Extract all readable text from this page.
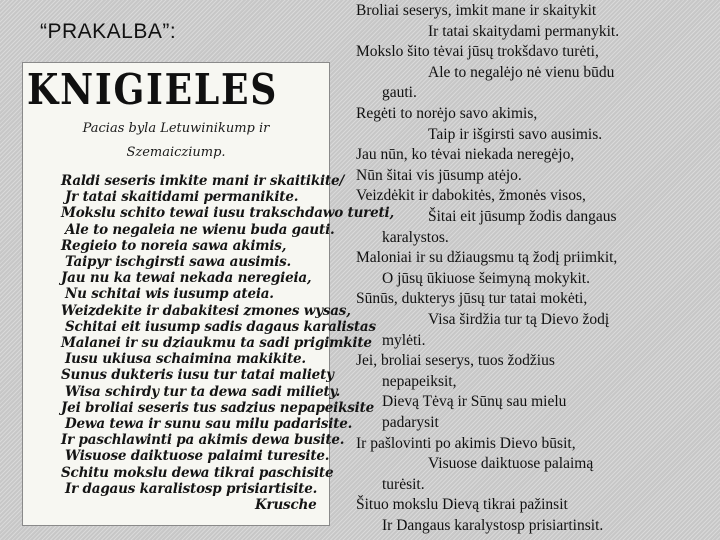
“PRAKALBA”:
KNIGIELES
Pacias byla Letuwinikump ir
Szemaicziump.
Raldi seseris imkite mani ir skaitikite/
Jr tatai skaitidami permanikite.
Mokslu schito tewai iusu trakschdawo tureti,
Ale to negaleia ne wienu buda gauti.
Regieio to noreia sawa akimis,
Taipyr ischgirsti sawa ausimis.
Jau nu ka tewai nekada neregieia,
Nu schitai wis iusump ateia.
Weizdekite ir dabakitesi zmones wysas,
Schitai eit iusump sadis dagaus karalistas
Malanei ir su dziaukmu ta sadi prigimkite
Iusu ukiusa schaimina makikite.
Sunus dukteris iusu tur tatai maliety
Wisa schirdy tur ta dewa sadi miliety.
Jei broliai seseris tus sadzius nepapeiksite
Dewa tewa ir sunu sau milu padarisite.
Ir paschlawinti pa akimis dewa busite.
Wisuose daiktuose palaimi turesite.
Schitu mokslu dewa tikrai paschisite
Ir dagaus karalistosp prisiartisite.
Krusche
Broliai seserys, imkit mane ir skaitykit
Ir tatai skaitydami permanykit.
Mokslo šito tėvai jūsų trokšdavo turėti,
Ale to negalėjo nė vienu būdu
gauti.
Regėti to norėjo savo akimis,
Taip ir išgirsti savo ausimis.
Jau nūn, ko tėvai niekada neregėjo,
Nūn šitai vis jūsump atėjo.
Veizdėkit ir dabokitės, žmonės visos,
Šitai eit jūsump žodis dangaus
karalystos.
Maloniai ir su džiaugsmu tą žodį priimkit,
O jūsų ūkiuose šeimyną mokykit.
Sūnūs, dukterys jūsų tur tatai mokėti,
Visa širdžia tur tą Dievo žodį
mylėti.
Jei, broliai seserys, tuos žodžius
nepapeiksit,
Dievą Tėvą ir Sūnų sau mielu
padarysit
Ir pašlovinti po akimis Dievo būsit,
Visuose daiktuose palaimą
turėsit.
Šituo mokslu Dievą tikrai pažinsit
Ir Dangaus karalystosp prisiartinsit.
